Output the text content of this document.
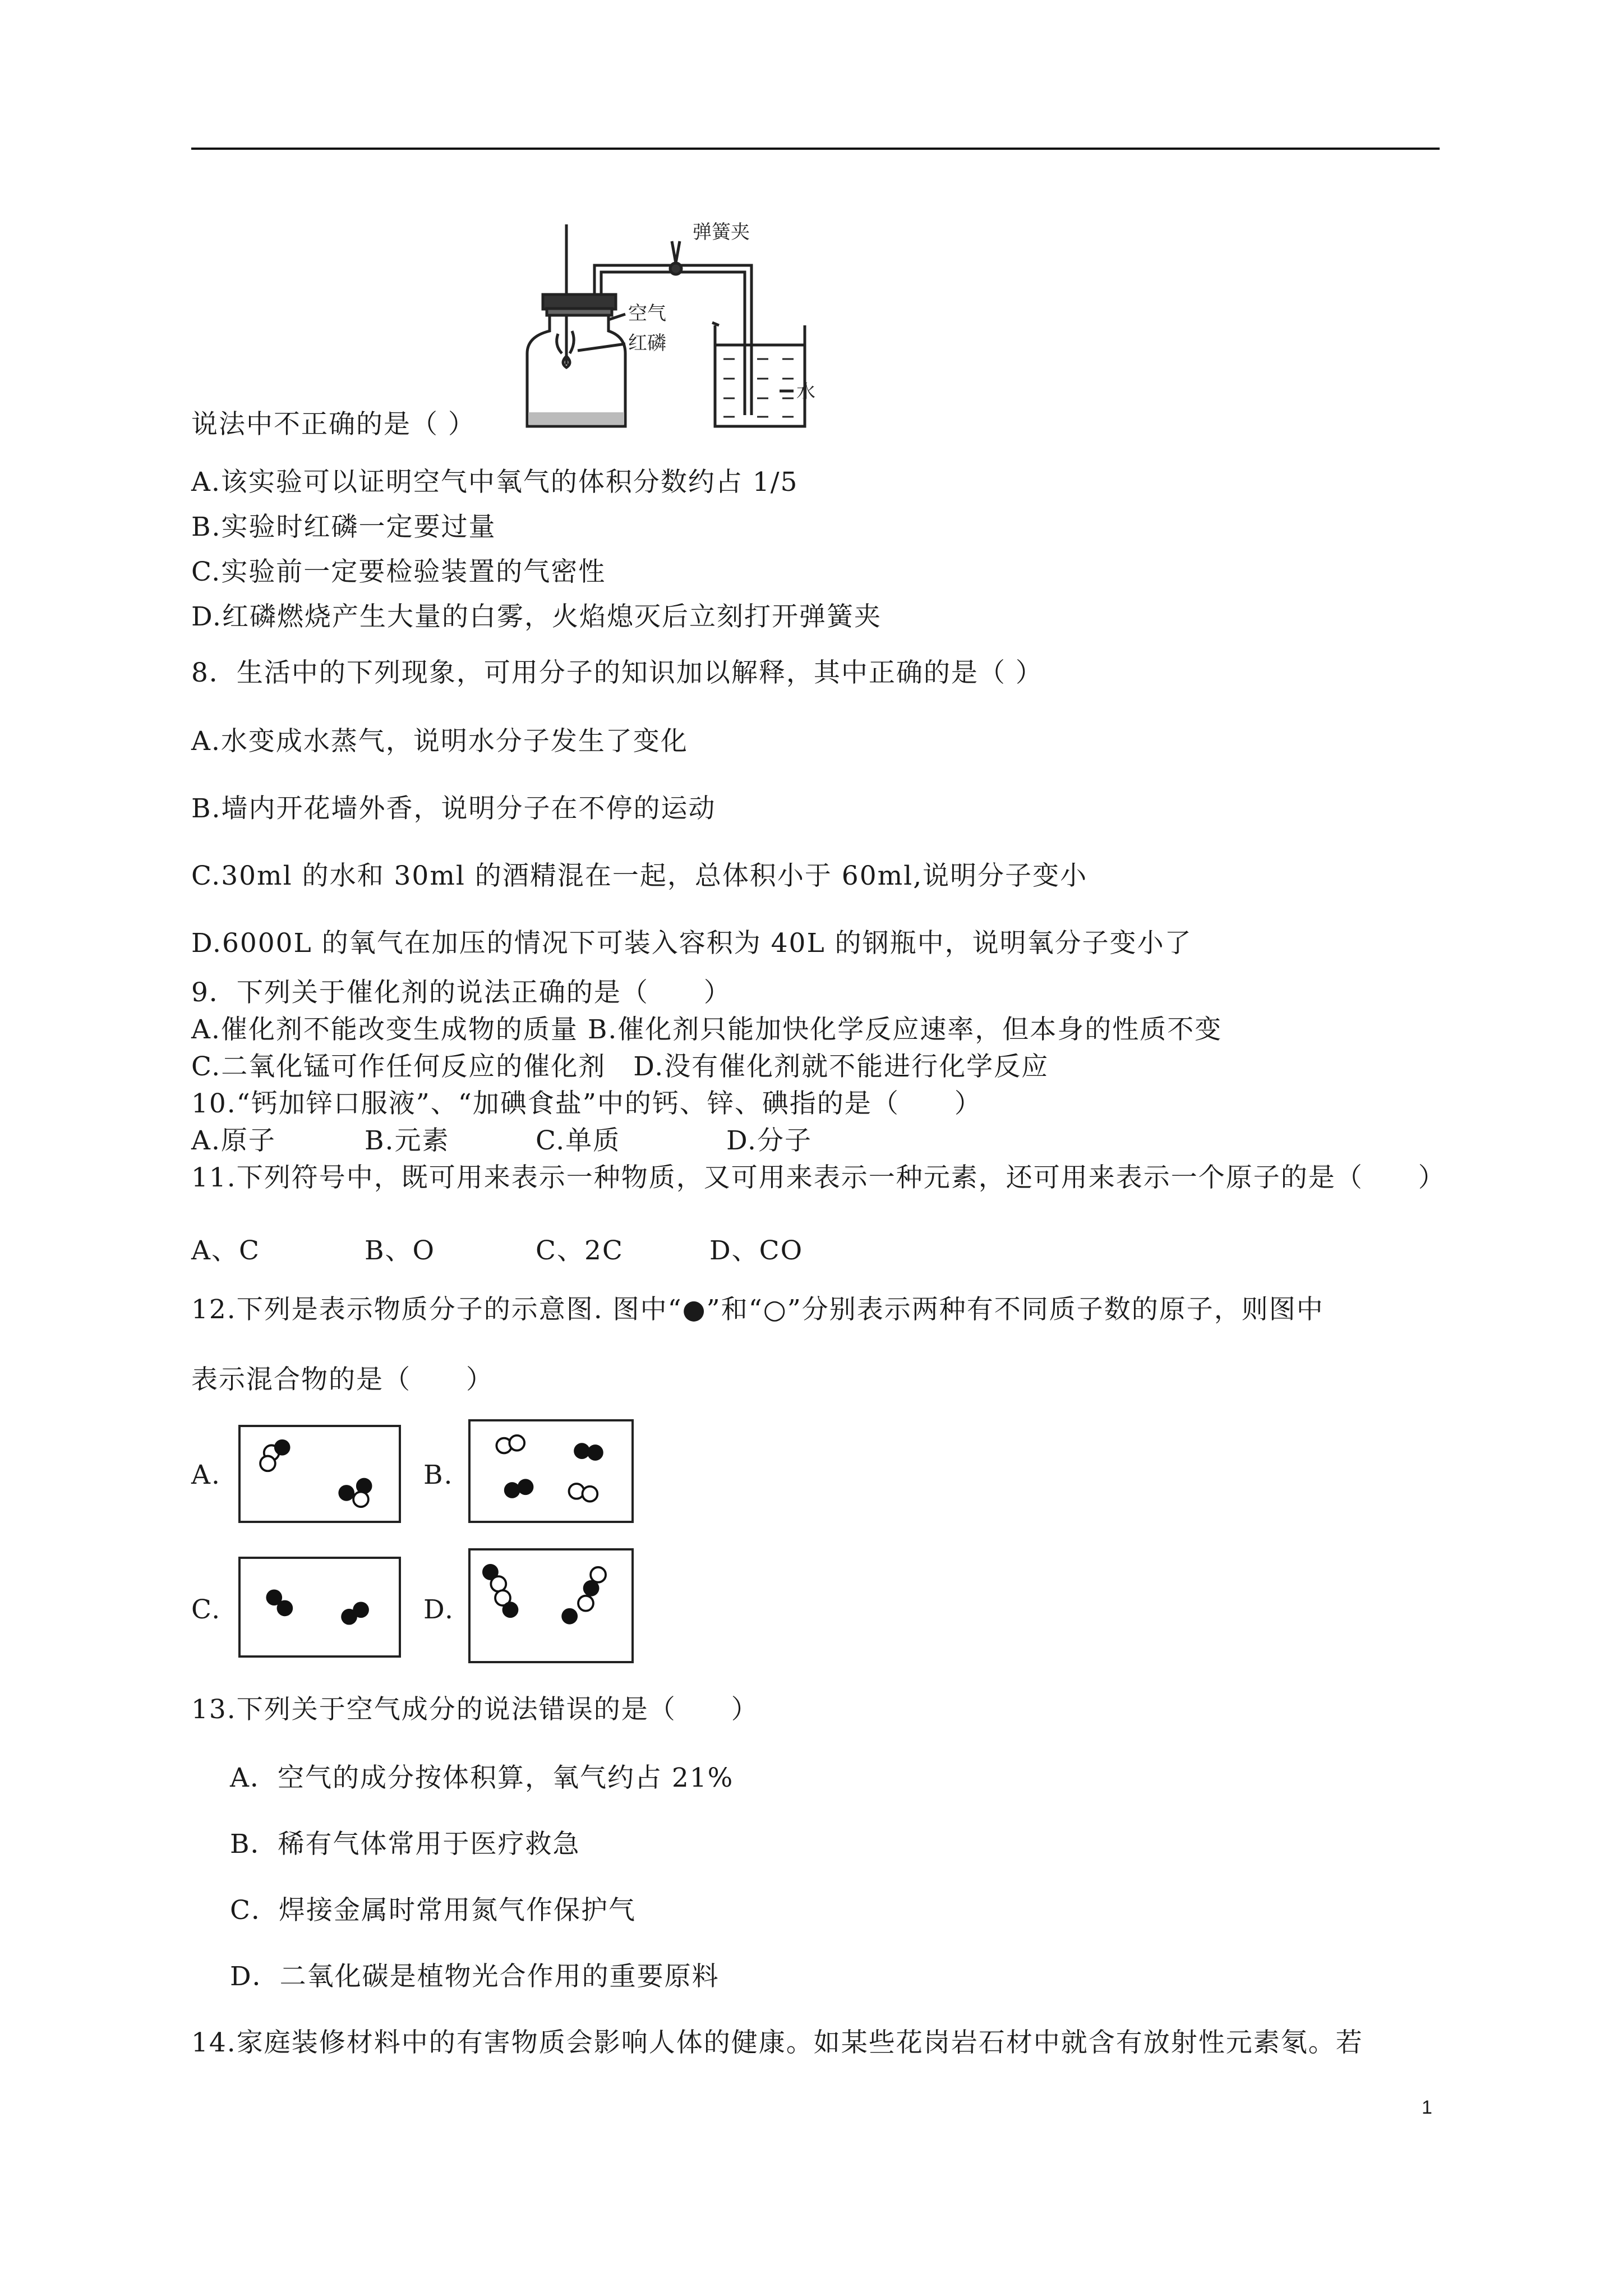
弹簧夹
空气
红磷
水
说法中不正确的是（ ）
A.该实验可以证明空气中氧气的体积分数约占 1/5
B.实验时红磷一定要过量
C.实验前一定要检验装置的气密性
D.红磷燃烧产生大量的白雾，火焰熄灭后立刻打开弹簧夹
8．生活中的下列现象，可用分子的知识加以解释，其中正确的是（ ）
A.水变成水蒸气，说明水分子发生了变化
B.墙内开花墙外香，说明分子在不停的运动
C.30ml 的水和 30ml 的酒精混在一起，总体积小于 60ml,说明分子变小
D.6000L 的氧气在加压的情况下可装入容积为 40L 的钢瓶中，说明氧分子变小了
9．下列关于催化剂的说法正确的是（　　）
A.催化剂不能改变生成物的质量 B.催化剂只能加快化学反应速率，但本身的性质不变
C.二氧化锰可作任何反应的催化剂　D.没有催化剂就不能进行化学反应
10.“钙加锌口服液”、“加碘食盐”中的钙、锌、碘指的是（　　）
A.原子	B.元素	C.单质	D.分子
11.下列符号中，既可用来表示一种物质，又可用来表示一种元素，还可用来表示一个原子的是（　　）
A、C	B、O	C、2C	D、CO
12.下列是表示物质分子的示意图. 图中“●”和“○”分别表示两种有不同质子数的原子，则图中
表示混合物的是（　　）
A.	B.
C.	D.
13.下列关于空气成分的说法错误的是（　　）
A．空气的成分按体积算，氧气约占 21%
B．稀有气体常用于医疗救急
C．焊接金属时常用氮气作保护气
D．二氧化碳是植物光合作用的重要原料
14.家庭装修材料中的有害物质会影响人体的健康。如某些花岗岩石材中就含有放射性元素氡。若
1
